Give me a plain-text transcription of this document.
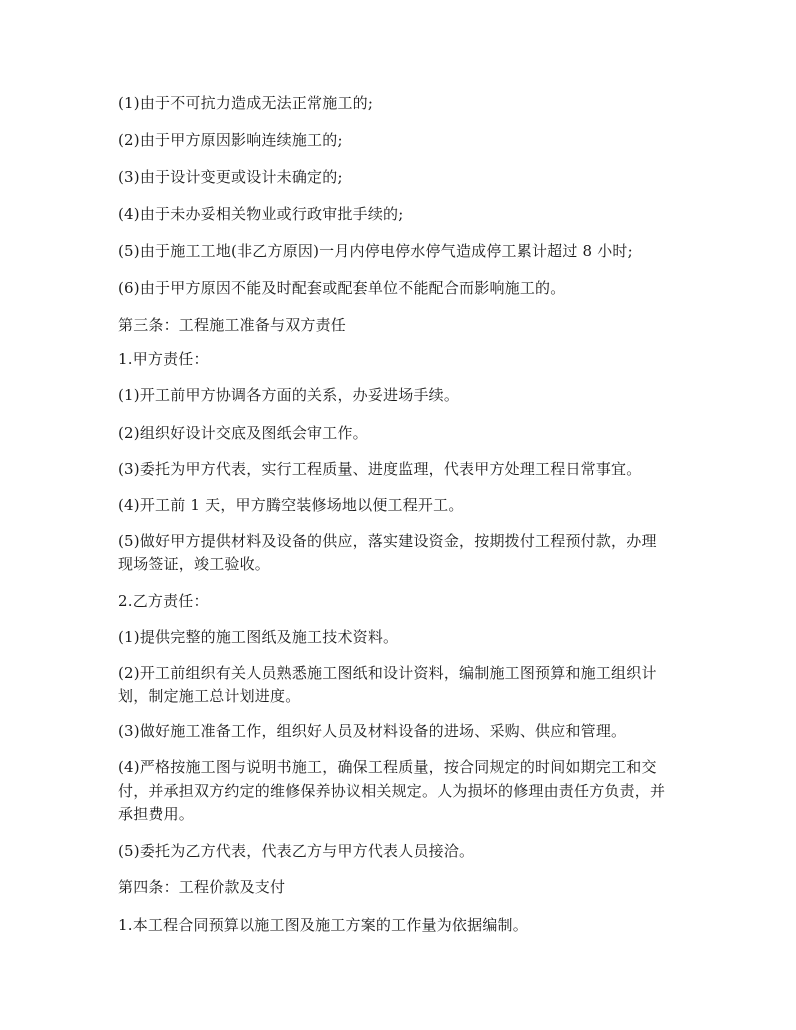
(1)由于不可抗力造成无法正常施工的;
(2)由于甲方原因影响连续施工的;
(3)由于设计变更或设计未确定的;
(4)由于未办妥相关物业或行政审批手续的;
(5)由于施工工地(非乙方原因)一月内停电停水停气造成停工累计超过 8 小时;
(6)由于甲方原因不能及时配套或配套单位不能配合而影响施工的。
第三条：工程施工准备与双方责任
1.甲方责任：
(1)开工前甲方协调各方面的关系，办妥进场手续。
(2)组织好设计交底及图纸会审工作。
(3)委托为甲方代表，实行工程质量、进度监理，代表甲方处理工程日常事宜。
(4)开工前 1 天，甲方腾空装修场地以便工程开工。
(5)做好甲方提供材料及设备的供应，落实建设资金，按期拨付工程预付款，办理
现场签证，竣工验收。
2.乙方责任：
(1)提供完整的施工图纸及施工技术资料。
(2)开工前组织有关人员熟悉施工图纸和设计资料，编制施工图预算和施工组织计
划，制定施工总计划进度。
(3)做好施工准备工作，组织好人员及材料设备的进场、采购、供应和管理。
(4)严格按施工图与说明书施工，确保工程质量，按合同规定的时间如期完工和交
付，并承担双方约定的维修保养协议相关规定。人为损坏的修理由责任方负责，并
承担费用。
(5)委托为乙方代表，代表乙方与甲方代表人员接洽。
第四条：工程价款及支付
1.本工程合同预算以施工图及施工方案的工作量为依据编制。
